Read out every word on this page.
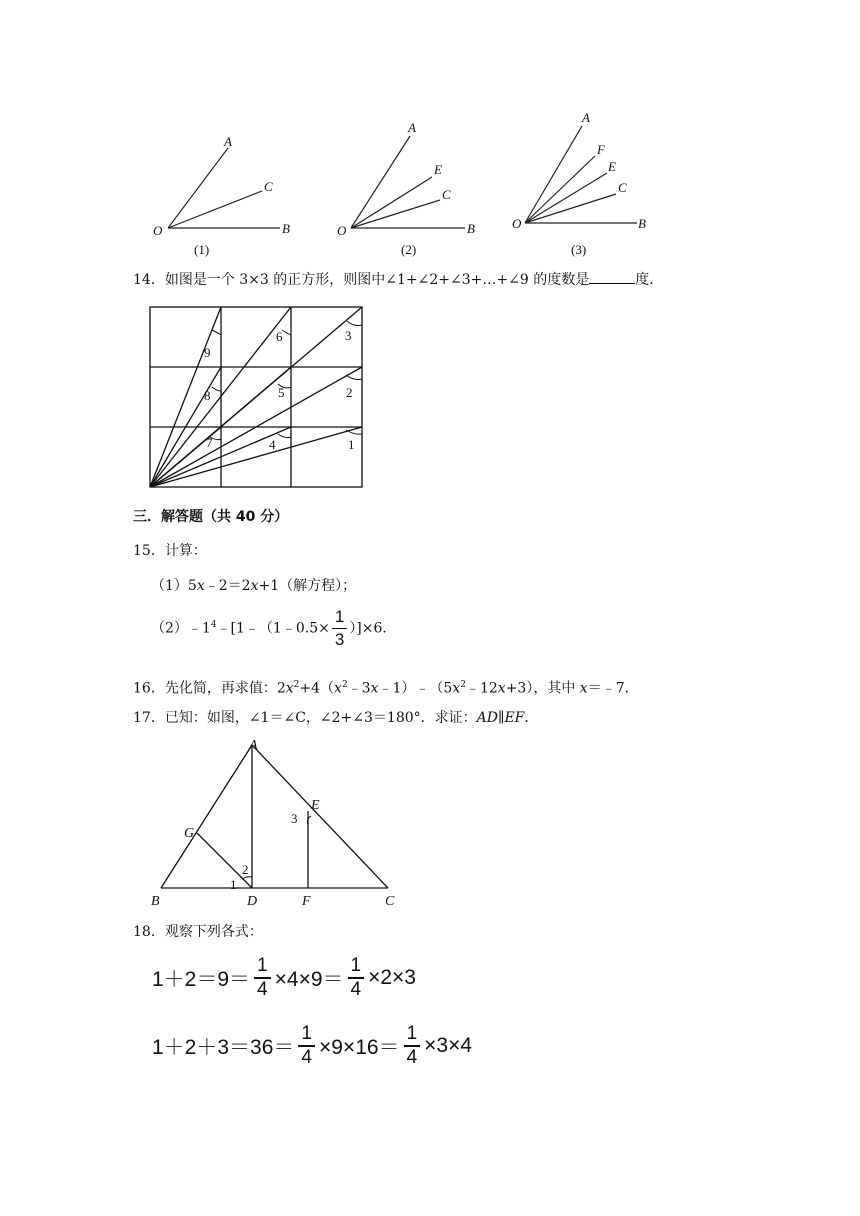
O
A
C
B	O
A
E
C
B	O
A
F
E
C
B
(1)	(2)	(3)
14．如图是一个 3×3 的正方形，则图中∠1+∠2+∠3+…+∠9 的度数是	度．
1
2
3
4
5
6
7
8
9
三．解答题（共 40 分）
15．计算：
（1）5x﹣2＝2x+1（解方程）；
$(2)﹣1^4﹣[1﹣(1﹣0.5\times \frac{1}{3} )]\times 6$．
16．先化简，再求值：$2x^2+4(x^2﹣3x﹣1)﹣(5x^2﹣12x+3)$，其中 x＝﹣7．
17．已知：如图，∠1＝∠C，∠2+∠3＝180°．求证：AD∥EF．
A
B	C
D
E
F
G
1
2
3
18．观察下列各式：
$1+2=9= \frac{1}{4} \times 4\times 9= \frac{1}{4} \times 2\times 3$
$1+2+3=36= \frac{1}{4} \times 9\times 16= \frac{1}{4} \times 3\times 4$
